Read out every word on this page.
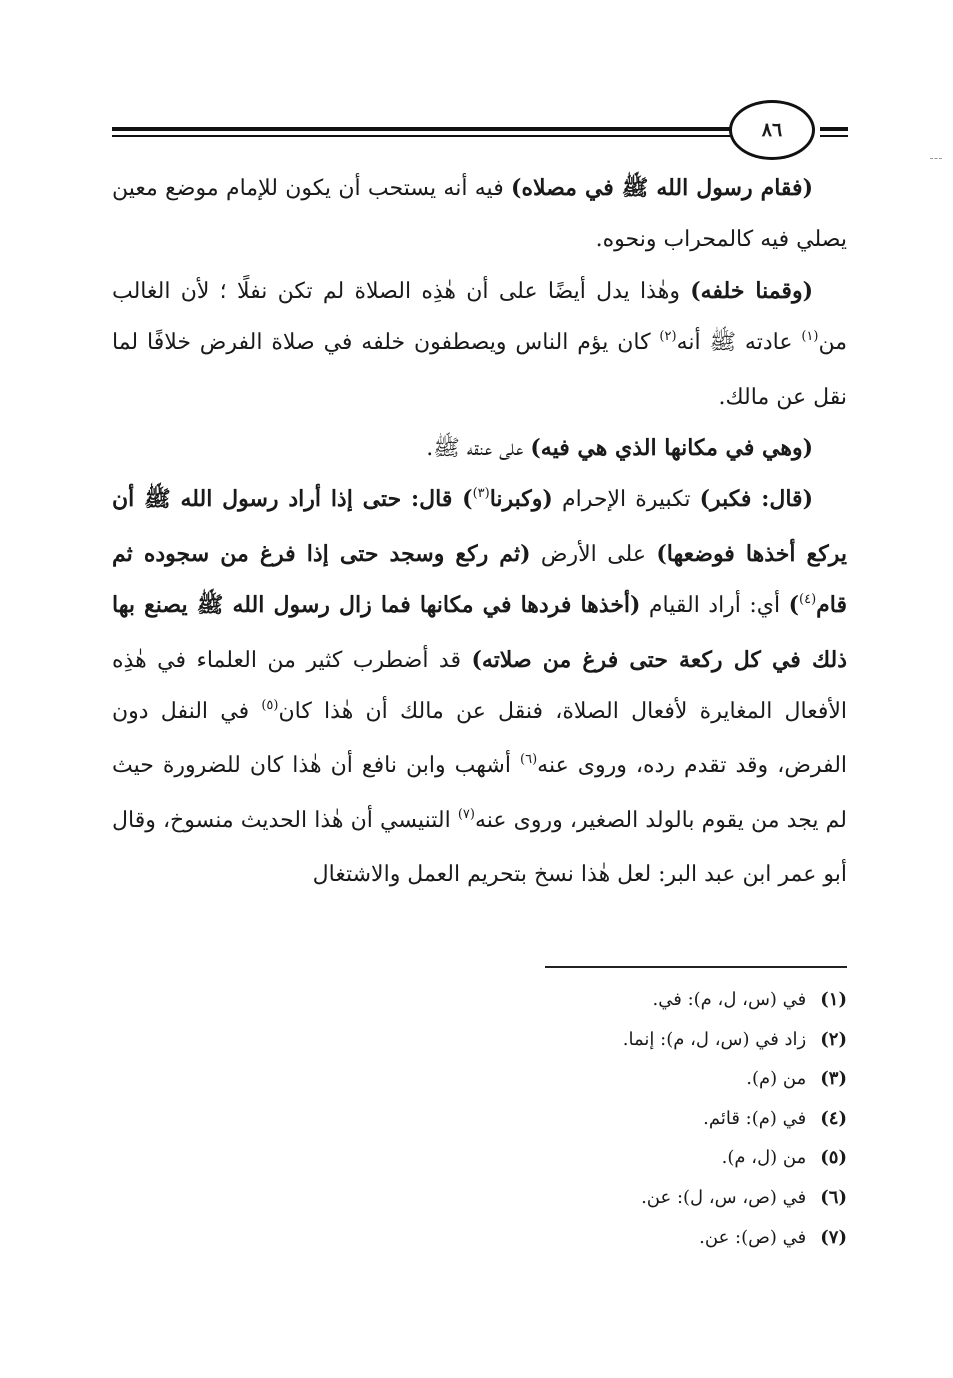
٨٦

(فقام رسول الله ﷺ في مصلاه) فيه أنه يستحب أن يكون للإمام موضع معين يصلي فيه كالمحراب ونحوه.

(وقمنا خلفه) وهٰذا يدل أيضًا على أن هٰذِه الصلاة لم تكن نفلًا ؛ لأن الغالب من$^{(١)}$ عادته ﷺ أنه$^{(٢)}$ كان يؤم الناس ويصطفون خلفه في صلاة الفرض خلافًا لما نقل عن مالك.

(وهي في مكانها الذي هي فيه) على عنقه ﷺ.

(قال: فكبر) تكبيرة الإحرام (وكبرنا$^{(٣)}$) قال: حتى إذا أراد رسول الله ﷺ أن يركع أخذها فوضعها) على الأرض (ثم ركع وسجد حتى إذا فرغ من سجوده ثم قام$^{(٤)}$) أي: أراد القيام (أخذها فردها في مكانها فما زال رسول الله ﷺ يصنع بها ذلك في كل ركعة حتى فرغ من صلاته) قد أضطرب كثير من العلماء في هٰذِه الأفعال المغايرة لأفعال الصلاة، فنقل عن مالك أن هٰذا كان$^{(٥)}$ في النفل دون الفرض، وقد تقدم رده، وروى عنه$^{(٦)}$ أشهب وابن نافع أن هٰذا كان للضرورة حيث لم يجد من يقوم بالولد الصغير، وروى عنه$^{(٧)}$ التنيسي أن هٰذا الحديث منسوخ، وقال أبو عمر ابن عبد البر: لعل هٰذا نسخ بتحريم العمل والاشتغال

(١)
في (س، ل، م): في.
(٢)
زاد في (س، ل، م): إنما.
(٣)
من (م).
(٤)
في (م): قائم.
(٥)
من (ل، م).
(٦)
في (ص، س، ل): عن.
(٧)
في (ص): عن.
